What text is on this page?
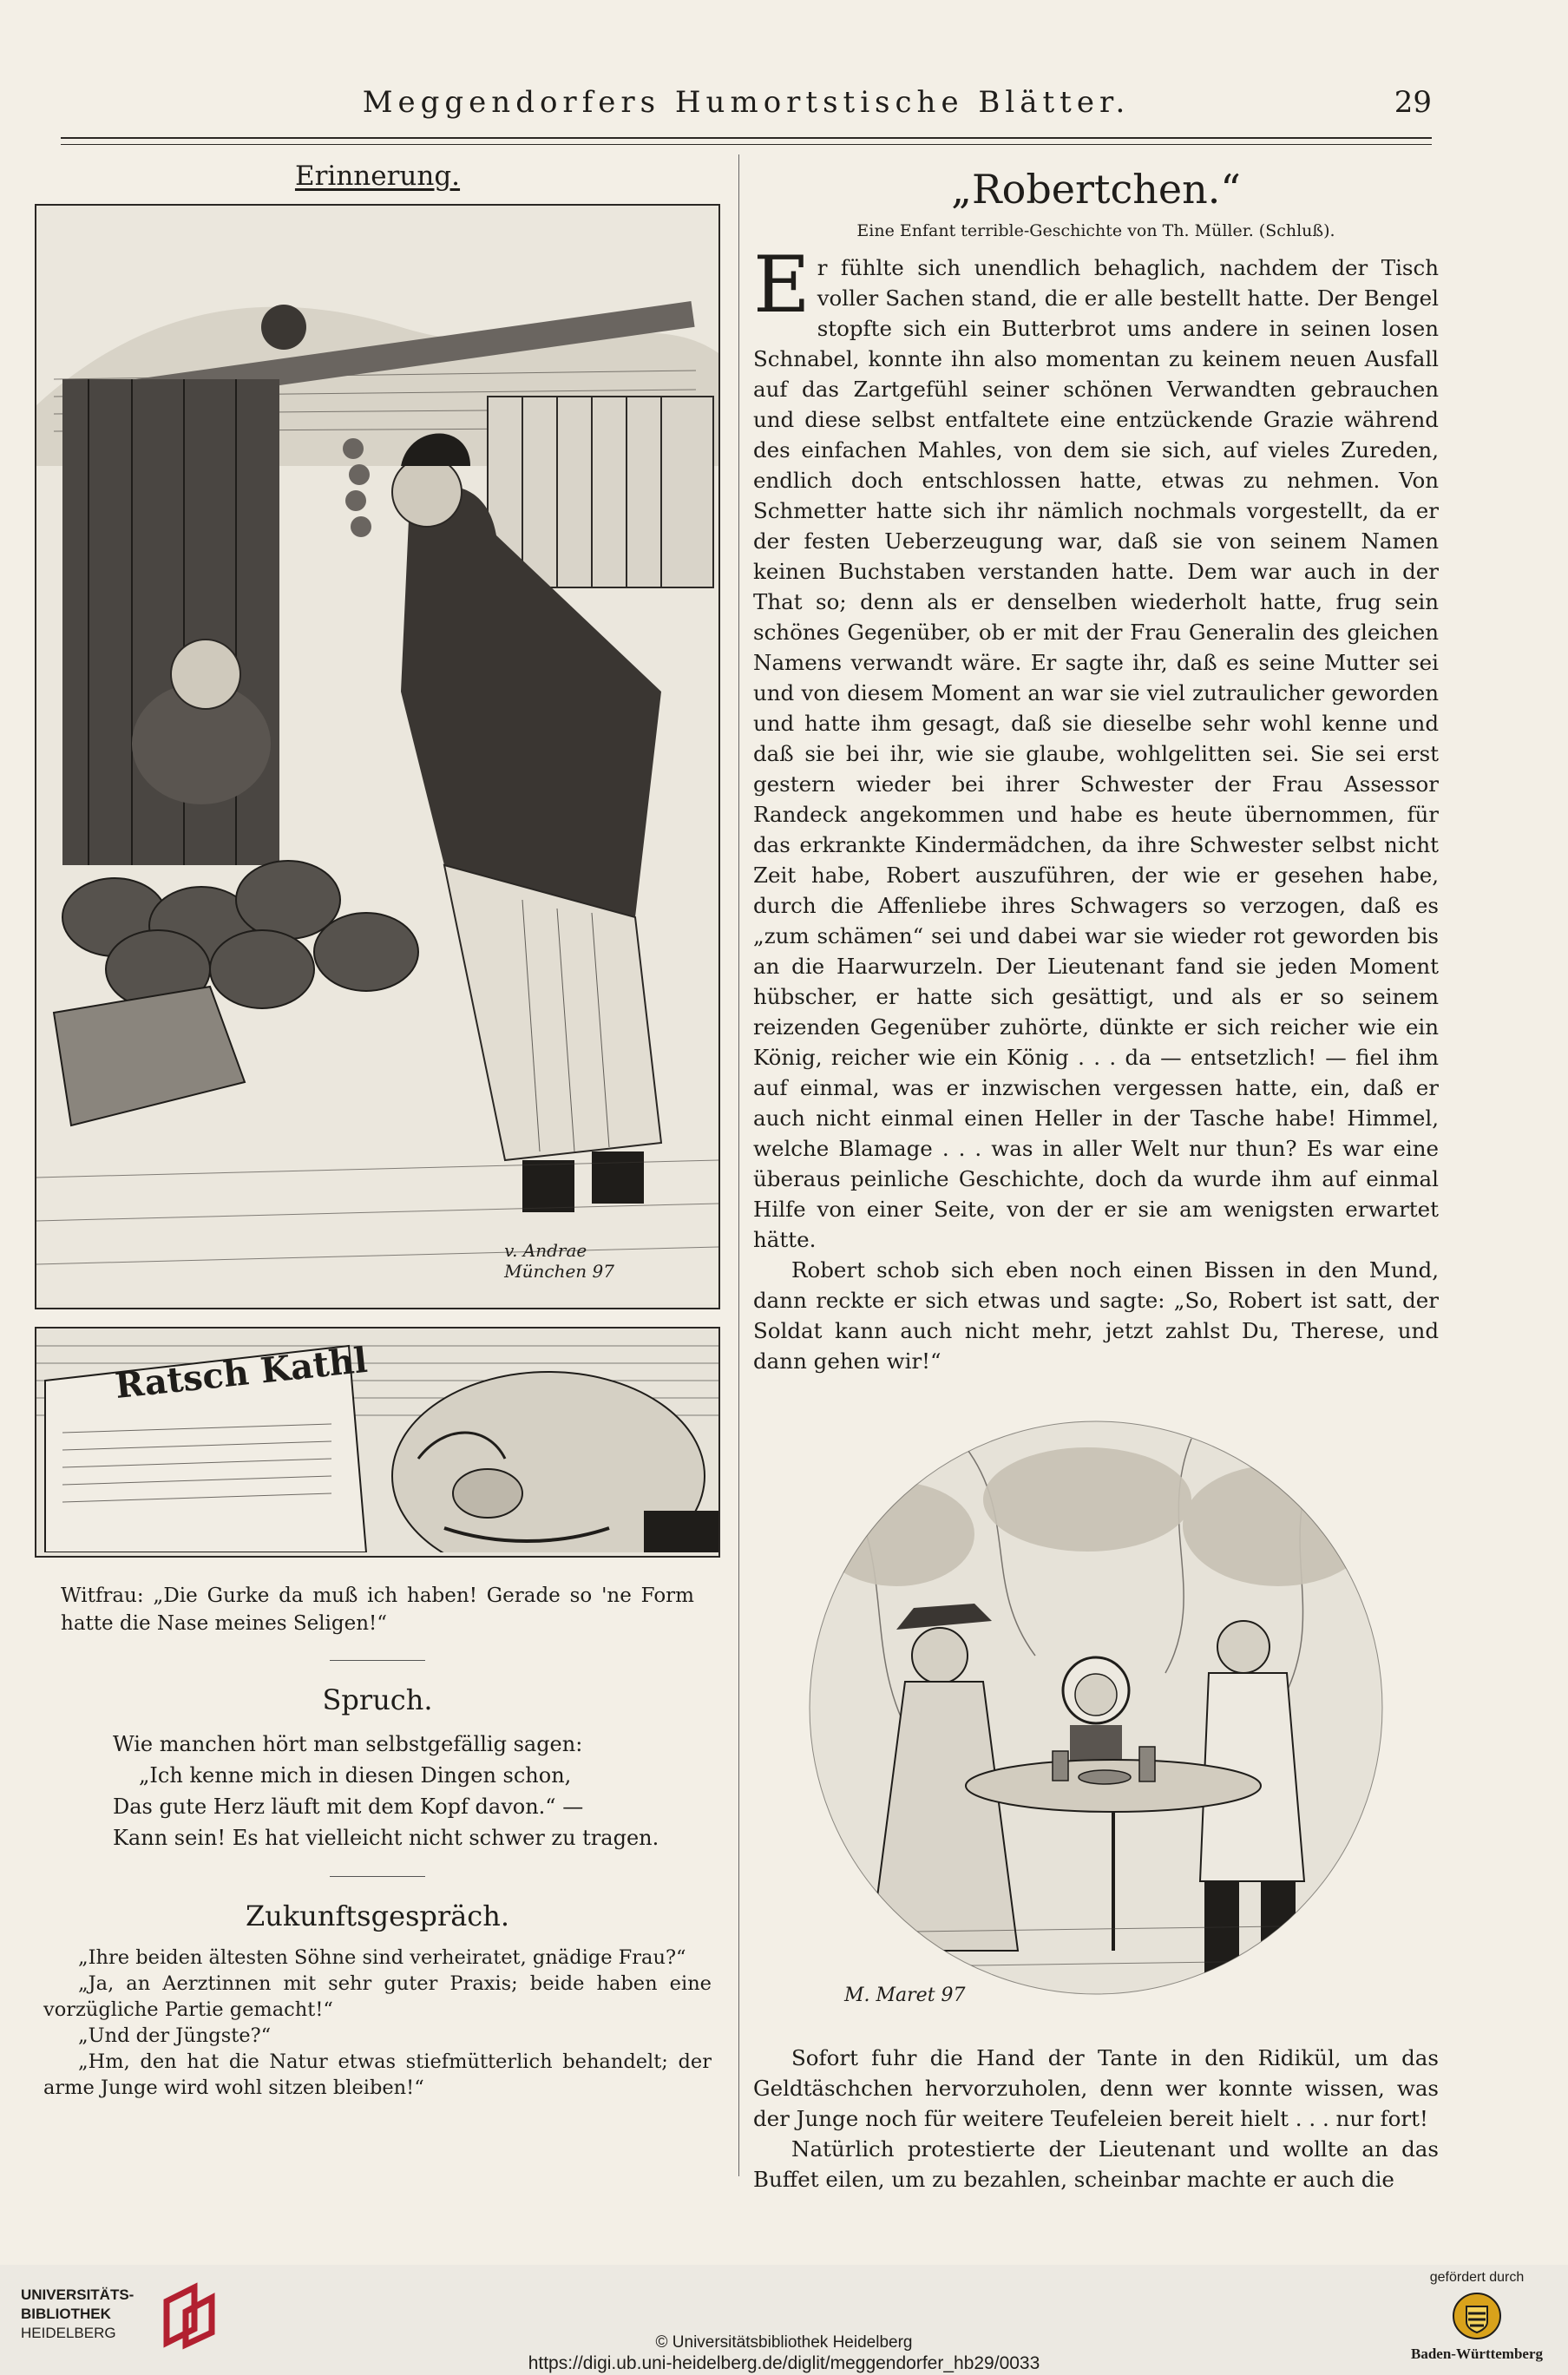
Meggendorfers Humortstische Blätter.	29
Erinnerung.
v. Andrae
München 97
Ratsch Kathl
Witfrau: „Die Gurke da muß ich haben! Gerade so 'ne Form hatte die Nase meines Seligen!“
Spruch.
Wie manchen hört man selbstgefällig sagen:
„Ich kenne mich in diesen Dingen schon,
Das gute Herz läuft mit dem Kopf davon.“ —
Kann sein! Es hat vielleicht nicht schwer zu tragen.
Zukunftsgespräch.

„Ihre beiden ältesten Söhne sind verheiratet, gnädige Frau?“

„Ja, an Aerztinnen mit sehr guter Praxis; beide haben eine vorzügliche Partie gemacht!“

„Und der Jüngste?“

„Hm, den hat die Natur etwas stiefmütterlich behandelt; der arme Junge wird wohl sitzen bleiben!“

„Robertchen.“
Eine Enfant terrible-Geschichte von Th. Müller. (Schluß).

Er fühlte sich unendlich behaglich, nachdem der Tisch voller Sachen stand, die er alle bestellt hatte. Der Bengel stopfte sich ein Butterbrot ums andere in seinen losen Schnabel, konnte ihn also momentan zu keinem neuen Ausfall auf das Zartgefühl seiner schönen Verwandten gebrauchen und diese selbst entfaltete eine entzückende Grazie während des einfachen Mahles, von dem sie sich, auf vieles Zureden, endlich doch entschlossen hatte, etwas zu nehmen. Von Schmetter hatte sich ihr nämlich nochmals vorgestellt, da er der festen Ueberzeugung war, daß sie von seinem Namen keinen Buchstaben verstanden hatte. Dem war auch in der That so; denn als er denselben wiederholt hatte, frug sein schönes Gegenüber, ob er mit der Frau Generalin des gleichen Namens verwandt wäre. Er sagte ihr, daß es seine Mutter sei und von diesem Moment an war sie viel zutraulicher geworden und hatte ihm gesagt, daß sie dieselbe sehr wohl kenne und daß sie bei ihr, wie sie glaube, wohlgelitten sei. Sie sei erst gestern wieder bei ihrer Schwester der Frau Assessor Randeck angekommen und habe es heute übernommen, für das erkrankte Kindermädchen, da ihre Schwester selbst nicht Zeit habe, Robert auszuführen, der wie er gesehen habe, durch die Affenliebe ihres Schwagers so verzogen, daß es „zum schämen“ sei und dabei war sie wieder rot geworden bis an die Haarwurzeln. Der Lieutenant fand sie jeden Moment hübscher, er hatte sich gesättigt, und als er so seinem reizenden Gegenüber zuhörte, dünkte er sich reicher wie ein König, reicher wie ein König . . . da — entsetzlich! — fiel ihm auf einmal, was er inzwischen vergessen hatte, ein, daß er auch nicht einmal einen Heller in der Tasche habe! Himmel, welche Blamage . . . was in aller Welt nur thun? Es war eine überaus peinliche Geschichte, doch da wurde ihm auf einmal Hilfe von einer Seite, von der er sie am wenigsten erwartet hätte.

Robert schob sich eben noch einen Bissen in den Mund, dann reckte er sich etwas und sagte: „So, Robert ist satt, der Soldat kann auch nicht mehr, jetzt zahlst Du, Therese, und dann gehen wir!“

M. Maret 97

Sofort fuhr die Hand der Tante in den Ridikül, um das Geldtäschchen hervorzuholen, denn wer konnte wissen, was der Junge noch für weitere Teufeleien bereit hielt . . . nur fort!

Natürlich protestierte der Lieutenant und wollte an das Buffet eilen, um zu bezahlen, scheinbar machte er auch die

UNIVERSITÄTS-
BIBLIOTHEK
HEIDELBERG
© Universitätsbibliothek Heidelberg
https://digi.ub.uni-heidelberg.de/diglit/meggendorfer_hb29/0033
gefördert durch
Baden-Württemberg
